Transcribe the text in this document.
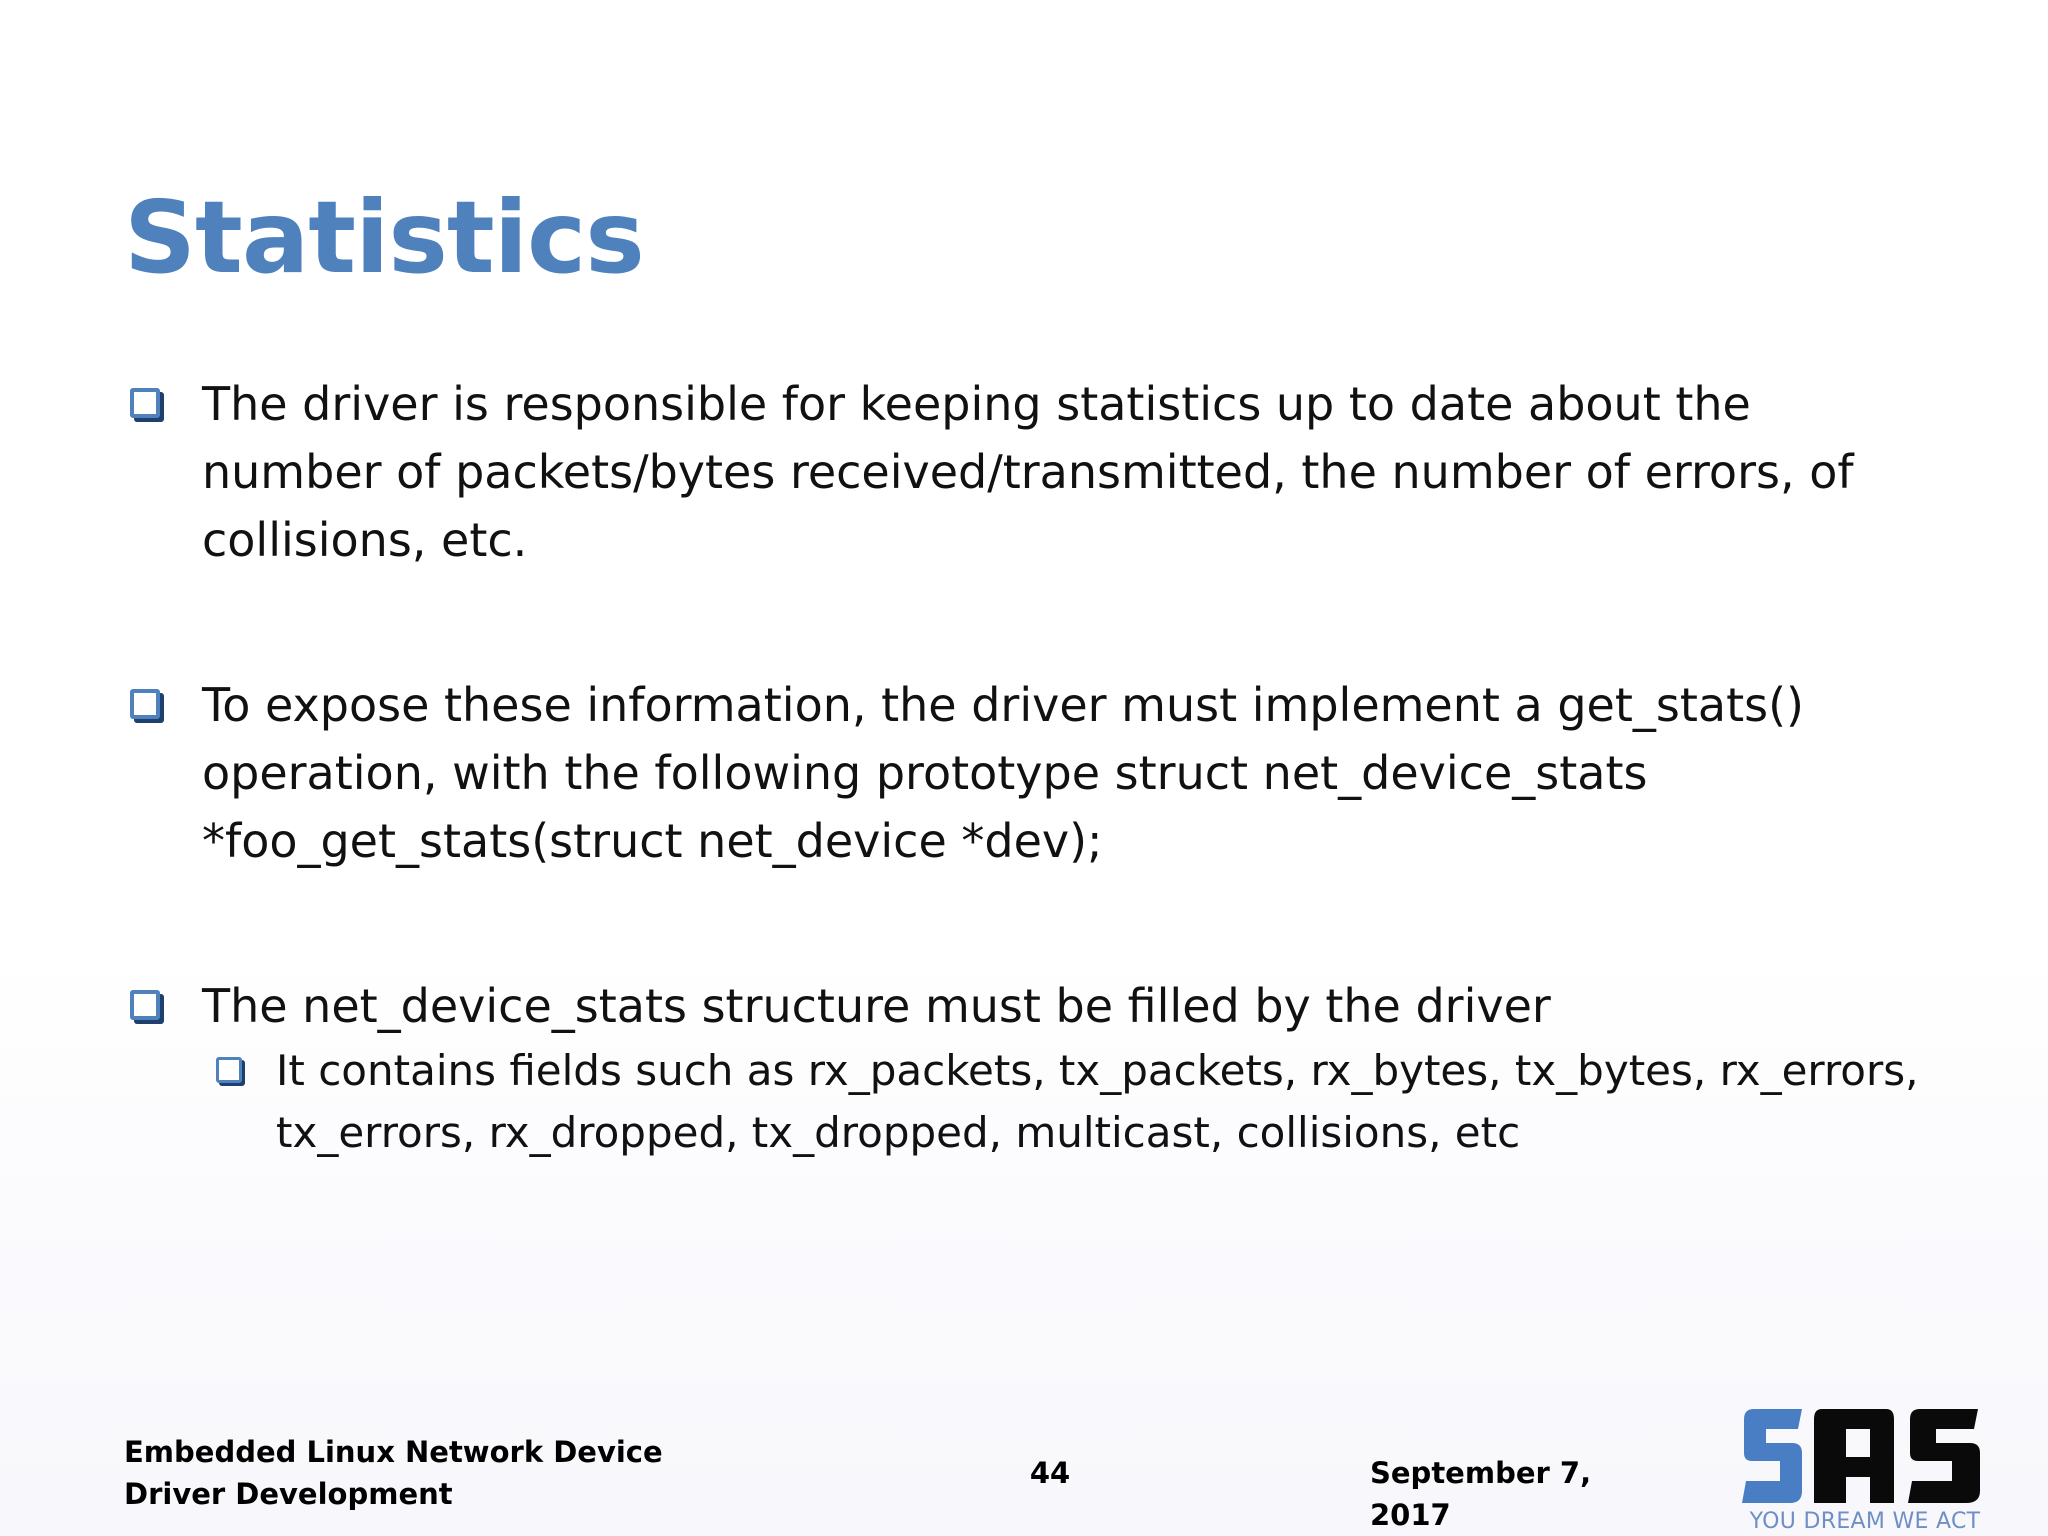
Statistics
The driver is responsible for keeping statistics up to date about the number of packets/bytes received/transmitted, the number of errors, of collisions, etc.
To expose these information, the driver must implement a get_stats() operation, with the following prototype struct net_device_stats *foo_get_stats(struct net_device *dev);
The net_device_stats structure must be filled by the driver
It contains fields such as rx_packets, tx_packets, rx_bytes, tx_bytes, rx_errors, tx_errors, rx_dropped, tx_dropped, multicast, collisions, etc
Embedded Linux Network Device Driver Development
44	September 7, 2017	YOU DREAM WE ACT
